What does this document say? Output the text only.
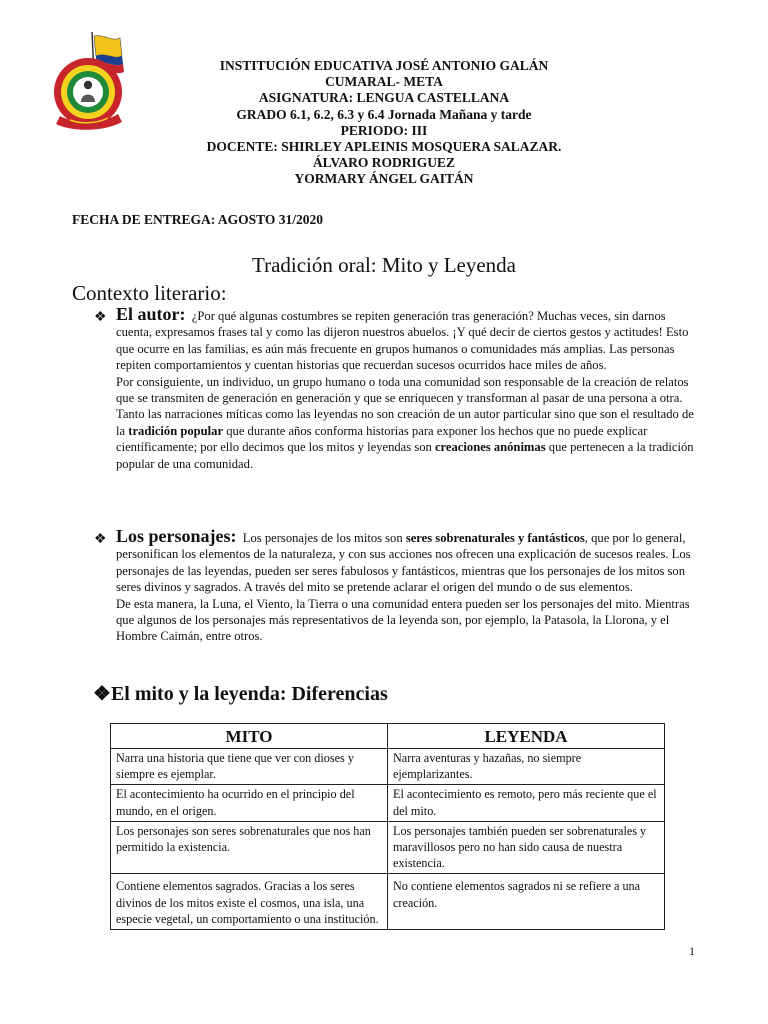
INSTITUCIÓN EDUCATIVA JOSÉ ANTONIO GALÁN
CUMARAL- META
ASIGNATURA: LENGUA CASTELLANA
GRADO 6.1, 6.2, 6.3 y 6.4 Jornada Mañana y tarde
PERIODO: III
DOCENTE: SHIRLEY APLEINIS MOSQUERA SALAZAR.
ÁLVARO RODRIGUEZ
YORMARY ÁNGEL GAITÁN
FECHA DE ENTREGA: AGOSTO 31/2020
Tradición oral: Mito y Leyenda
Contexto literario:
❖ El autor: ¿Por qué algunas costumbres se repiten generación tras generación? Muchas veces, sin darnos cuenta, expresamos frases tal y como las dijeron nuestros abuelos. ¡Y qué decir de ciertos gestos y actitudes! Esto que ocurre en las familias, es aún más frecuente en grupos humanos o comunidades más amplias. Las personas repiten comportamientos y cuentan historias que recuerdan sucesos ocurridos hace miles de años.

Por consiguiente, un individuo, un grupo humano o toda una comunidad son responsable de la creación de relatos que se transmiten de generación en generación y que se enriquecen y transforman al pasar de una persona a otra.

Tanto las narraciones míticas como las leyendas no son creación de un autor particular sino que son el resultado de la tradición popular que durante años conforma historias para exponer los hechos que no puede explicar científicamente; por ello decimos que los mitos y leyendas son creaciones anónimas que pertenecen a la tradición popular de una comunidad.

❖ Los personajes: Los personajes de los mitos son seres sobrenaturales y fantásticos, que por lo general, personifican los elementos de la naturaleza, y con sus acciones nos ofrecen una explicación de sucesos reales. Los personajes de las leyendas, pueden ser seres fabulosos y fantásticos, mientras que los personajes de los mitos son seres divinos y sagrados. A través del mito se pretende aclarar el origen del mundo o de sus elementos.

De esta manera, la Luna, el Viento, la Tierra o una comunidad entera pueden ser los personajes del mito. Mientras que algunos de los personajes más representativos de la leyenda son, por ejemplo, la Patasola, la Llorona, y el Hombre Caimán, entre otros.

❖El mito y la leyenda: Diferencias
MITO	LEYENDA
Narra una historia que tiene que ver con dioses y siempre es ejemplar.	Narra aventuras y hazañas, no siempre ejemplarizantes.
El acontecimiento ha ocurrido en el principio del mundo, en el origen.	El acontecimiento es remoto, pero más reciente que el del mito.
Los personajes son seres sobrenaturales que nos han permitido la existencia.	Los personajes también pueden ser sobrenaturales y maravillosos pero no han sido causa de nuestra existencia.
Contiene elementos sagrados. Gracias a los seres divinos de los mitos existe el cosmos, una isla, una especie vegetal, un comportamiento o una institución.	No contiene elementos sagrados ni se refiere a una creación.
1
